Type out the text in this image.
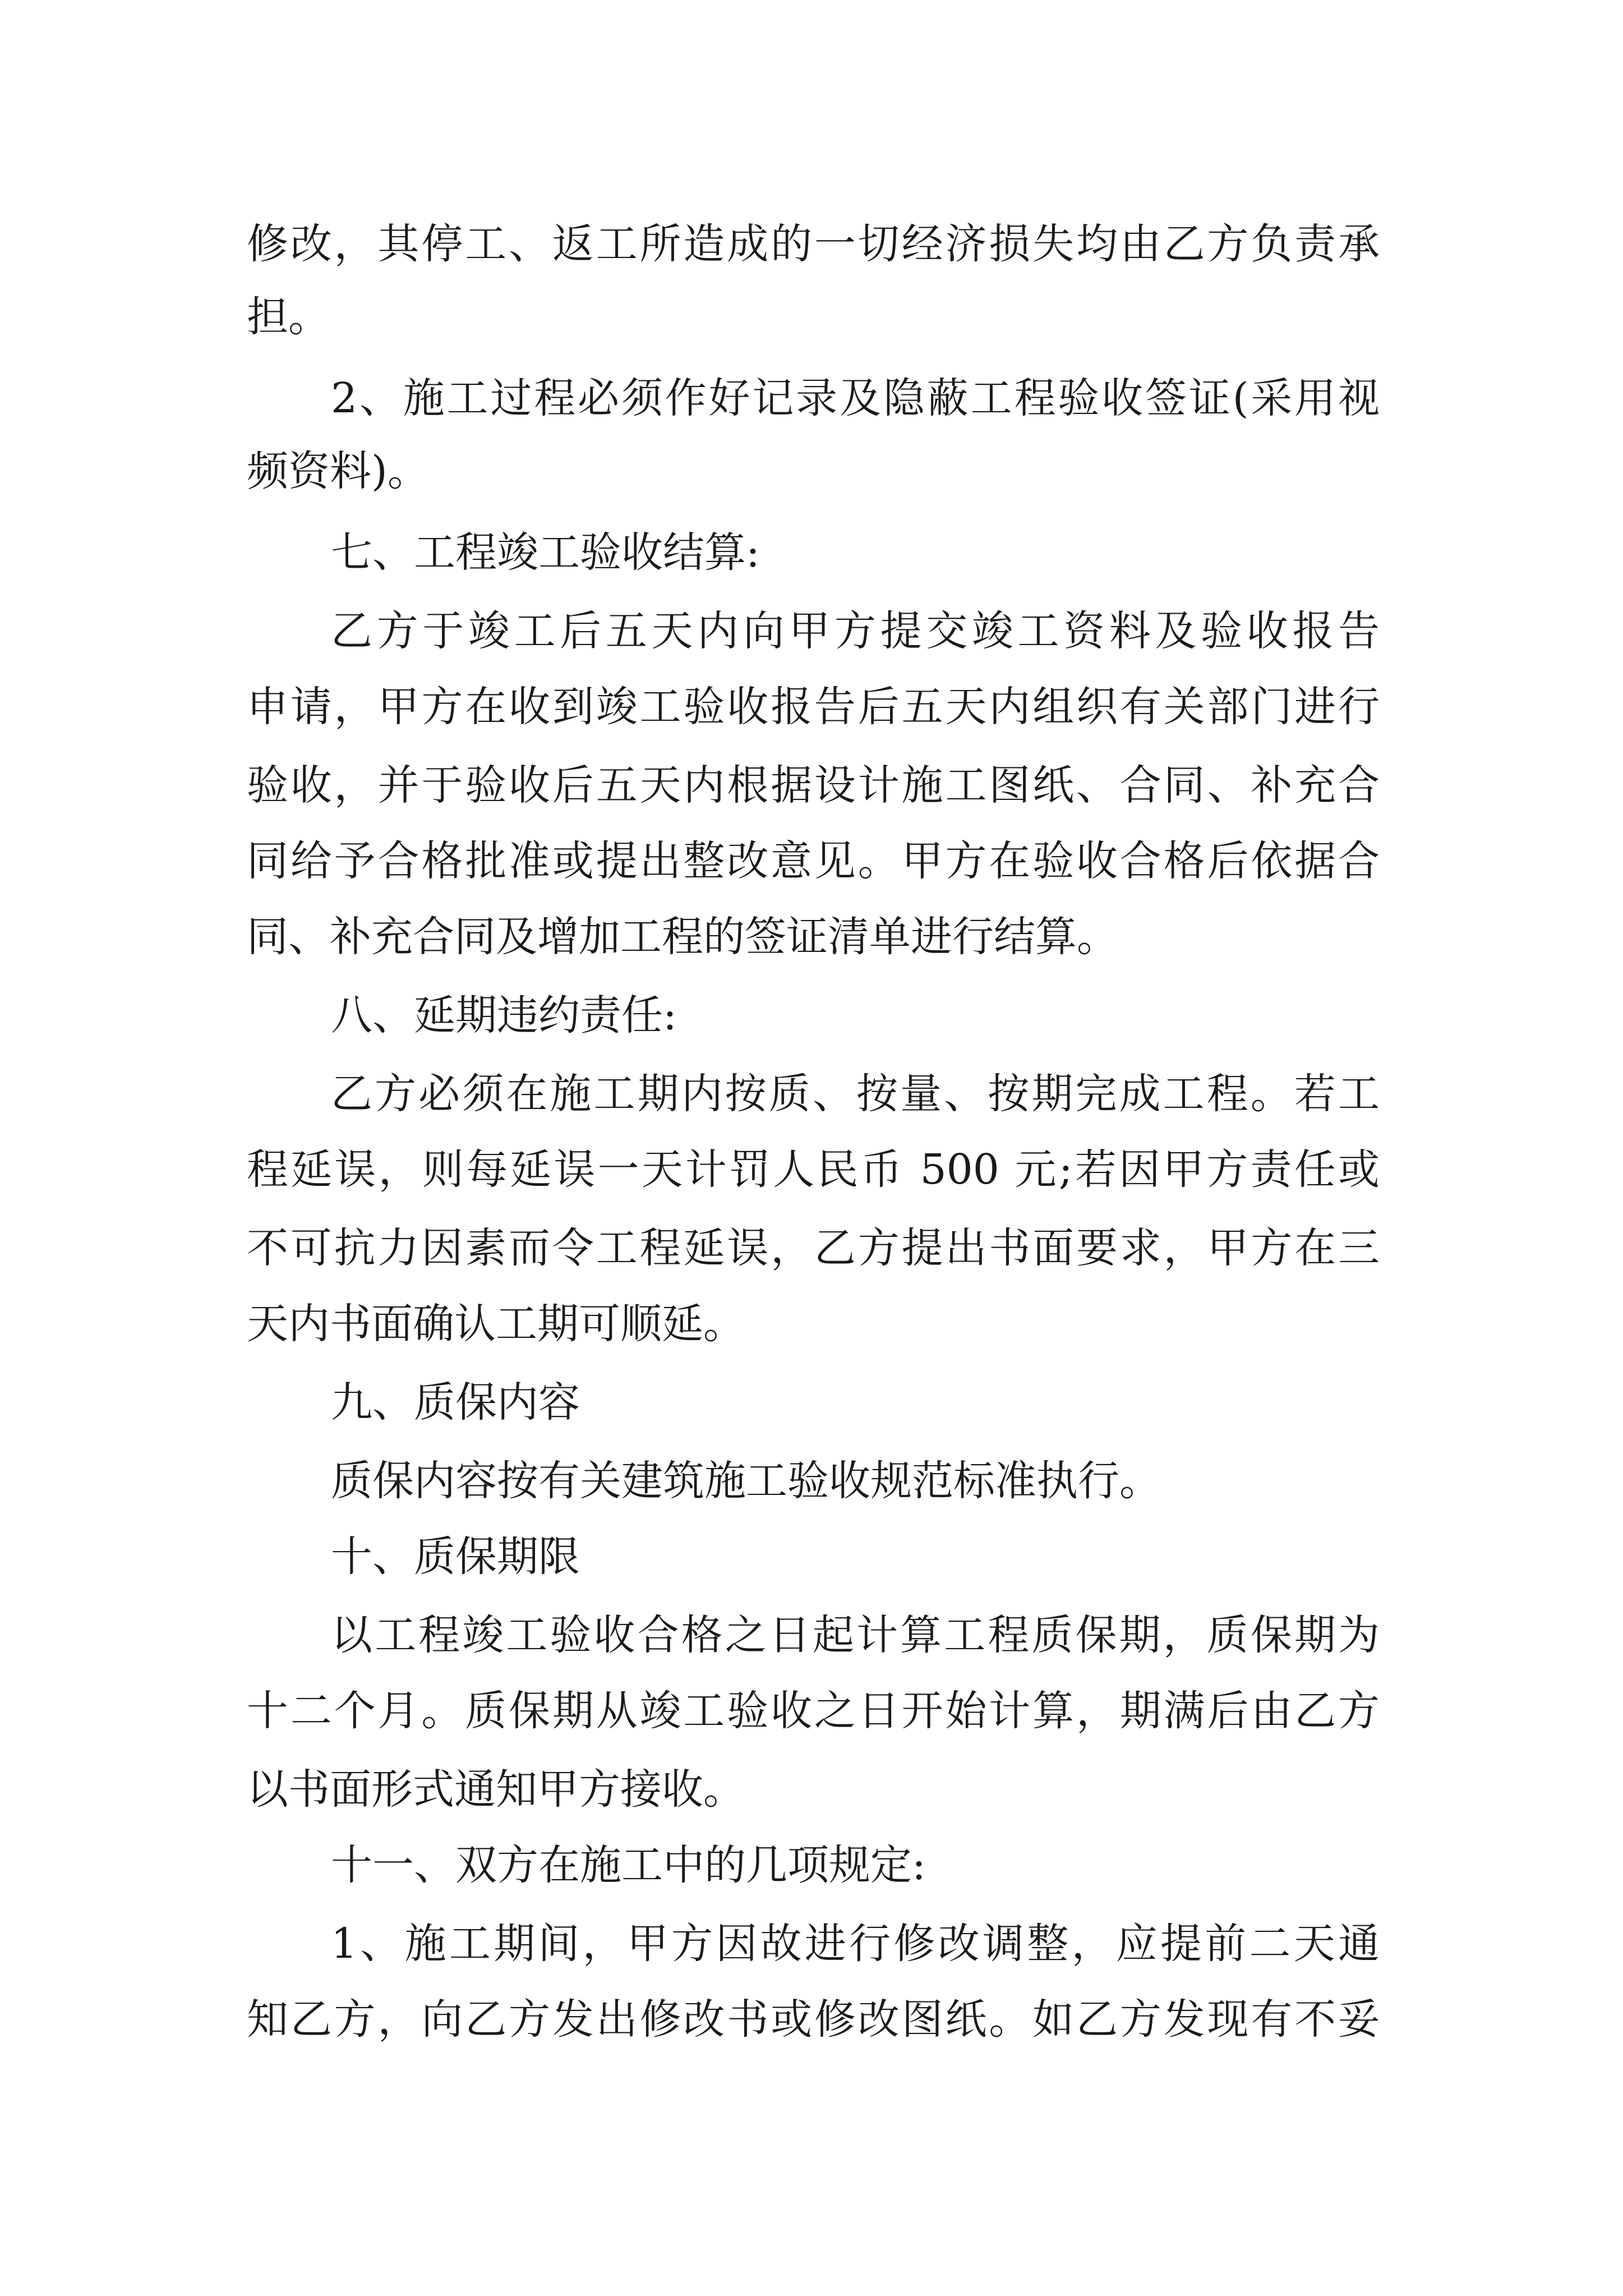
修改，其停工、返工所造成的一切经济损失均由乙方负责承
担。
2、施工过程必须作好记录及隐蔽工程验收签证(采用视
频资料)。
七、工程竣工验收结算:
乙方于竣工后五天内向甲方提交竣工资料及验收报告
申请，甲方在收到竣工验收报告后五天内组织有关部门进行
验收，并于验收后五天内根据设计施工图纸、合同、补充合
同给予合格批准或提出整改意见。甲方在验收合格后依据合
同、补充合同及增加工程的签证清单进行结算。
八、延期违约责任:
乙方必须在施工期内按质、按量、按期完成工程。若工
程延误，则每延误一天计罚人民币 500 元;若因甲方责任或
不可抗力因素而令工程延误，乙方提出书面要求，甲方在三
天内书面确认工期可顺延。
九、质保内容
质保内容按有关建筑施工验收规范标准执行。
十、质保期限
以工程竣工验收合格之日起计算工程质保期，质保期为
十二个月。质保期从竣工验收之日开始计算，期满后由乙方
以书面形式通知甲方接收。
十一、双方在施工中的几项规定:
1、施工期间，甲方因故进行修改调整，应提前二天通
知乙方，向乙方发出修改书或修改图纸。如乙方发现有不妥
